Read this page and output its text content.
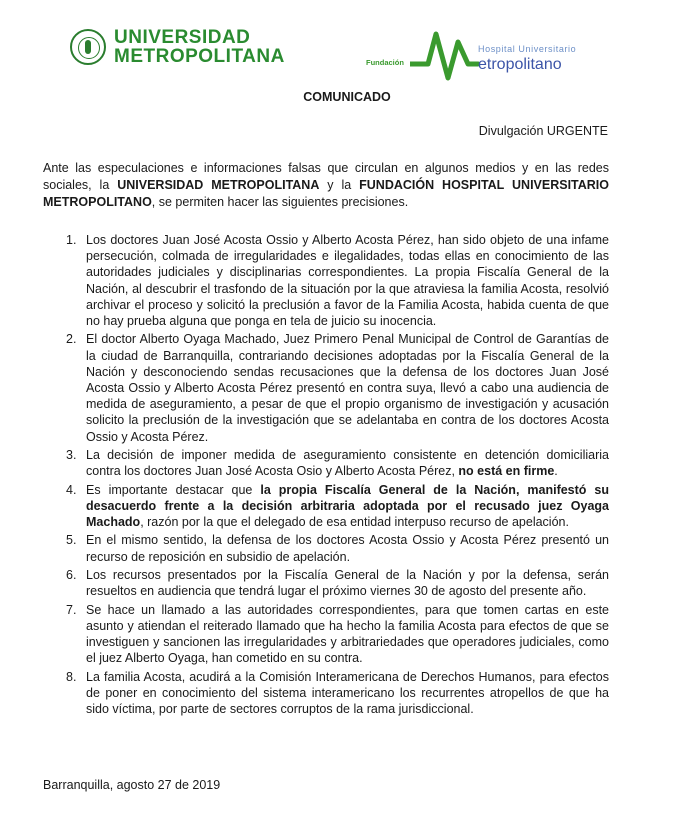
UNIVERSIDAD
METROPOLITANA	Fundación
Hospital Universitario
etropolitano
COMUNICADO
Divulgación URGENTE

Ante las especulaciones e informaciones falsas que circulan en algunos medios y en las redes sociales, la UNIVERSIDAD METROPOLITANA y la FUNDACIÓN HOSPITAL UNIVERSITARIO METROPOLITANO, se permiten hacer las siguientes precisiones.

1. Los doctores Juan José Acosta Ossio y Alberto Acosta Pérez, han sido objeto de una infame persecución, colmada de irregularidades e ilegalidades, todas ellas en conocimiento de las autoridades judiciales y disciplinarias correspondientes. La propia Fiscalía General de la Nación, al descubrir el trasfondo de la situación por la que atraviesa la familia Acosta, resolvió archivar el proceso y solicitó la preclusión a favor de la Familia Acosta, habida cuenta de que no hay prueba alguna que ponga en tela de juicio su inocencia.
2. El doctor Alberto Oyaga Machado, Juez Primero Penal Municipal de Control de Garantías de la ciudad de Barranquilla, contrariando decisiones adoptadas por la Fiscalía General de la Nación y desconociendo sendas recusaciones que la defensa de los doctores Juan José Acosta Ossio y Alberto Acosta Pérez presentó en contra suya, llevó a cabo una audiencia de medida de aseguramiento, a pesar de que el propio organismo de investigación y acusación solicito la preclusión de la investigación que se adelantaba en contra de los doctores Acosta Ossio y Acosta Pérez.
3. La decisión de imponer medida de aseguramiento consistente en detención domiciliaria contra los doctores Juan José Acosta Osio y Alberto Acosta Pérez, no está en firme.
4. Es importante destacar que la propia Fiscalía General de la Nación, manifestó su desacuerdo frente a la decisión arbitraria adoptada por el recusado juez Oyaga Machado, razón por la que el delegado de esa entidad interpuso recurso de apelación.
5. En el mismo sentido, la defensa de los doctores Acosta Ossio y Acosta Pérez presentó un recurso de reposición en subsidio de apelación.
6. Los recursos presentados por la Fiscalía General de la Nación y por la defensa, serán resueltos en audiencia que tendrá lugar el próximo viernes 30 de agosto del presente año.
7. Se hace un llamado a las autoridades correspondientes, para que tomen cartas en este asunto y atiendan el reiterado llamado que ha hecho la familia Acosta para efectos de que se investiguen y sancionen las irregularidades y arbitrariedades que operadores judiciales, como el juez Alberto Oyaga, han cometido en su contra.
8. La familia Acosta, acudirá a la Comisión Interamericana de Derechos Humanos, para efectos de poner en conocimiento del sistema interamericano los recurrentes atropellos de que ha sido víctima, por parte de sectores corruptos de la rama jurisdiccional.
Barranquilla, agosto 27 de 2019
